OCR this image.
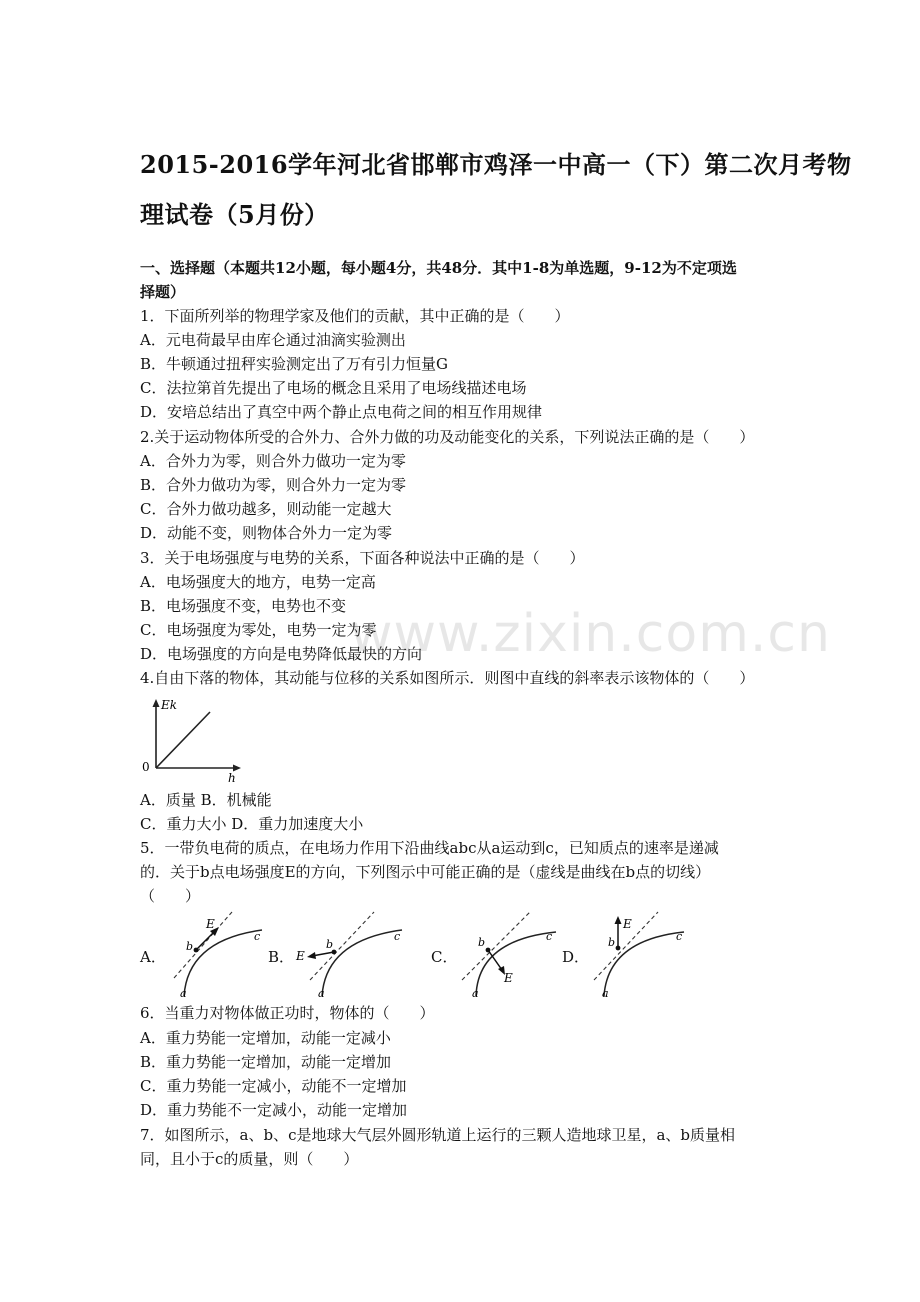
2015-2016学年河北省邯郸市鸡泽一中高一（下）第二次月考物
理试卷（5月份）
一、选择题（本题共12小题，每小题4分，共48分．其中1-8为单选题，9-12为不定项选
择题）
1．下面所列举的物理学家及他们的贡献，其中正确的是（　　）
A．元电荷最早由库仑通过油滴实验测出
B．牛顿通过扭秤实验测定出了万有引力恒量G
C．法拉第首先提出了电场的概念且采用了电场线描述电场
D．安培总结出了真空中两个静止点电荷之间的相互作用规律
2.关于运动物体所受的合外力、合外力做的功及动能变化的关系，下列说法正确的是（　　）
A．合外力为零，则合外力做功一定为零
B．合外力做功为零，则合外力一定为零
C．合外力做功越多，则动能一定越大
D．动能不变，则物体合外力一定为零
3．关于电场强度与电势的关系，下面各种说法中正确的是（　　）
A．电场强度大的地方，电势一定高
B．电场强度不变，电势也不变
C．电场强度为零处，电势一定为零
D．电场强度的方向是电势降低最快的方向
www.zixin.com.cn
4.自由下落的物体，其动能与位移的关系如图所示．则图中直线的斜率表示该物体的（　　）
Ek
0
h
A．质量 B．机械能
C．重力大小 D．重力加速度大小
5．一带负电荷的质点，在电场力作用下沿曲线abc从a运动到c，已知质点的速率是递减
的．关于b点电场强度E的方向，下列图示中可能正确的是（虚线是曲线在b点的切线）
（　　）
A．
E
b
c
a
B． E
b
c
a
C．
E
b	c
a
D．
E
b	c
a
6．当重力对物体做正功时，物体的（　　）
A．重力势能一定增加，动能一定减小
B．重力势能一定增加，动能一定增加
C．重力势能一定减小，动能不一定增加
D．重力势能不一定减小，动能一定增加
7．如图所示，a、b、c是地球大气层外圆形轨道上运行的三颗人造地球卫星，a、b质量相
同，且小于c的质量，则（　　）
